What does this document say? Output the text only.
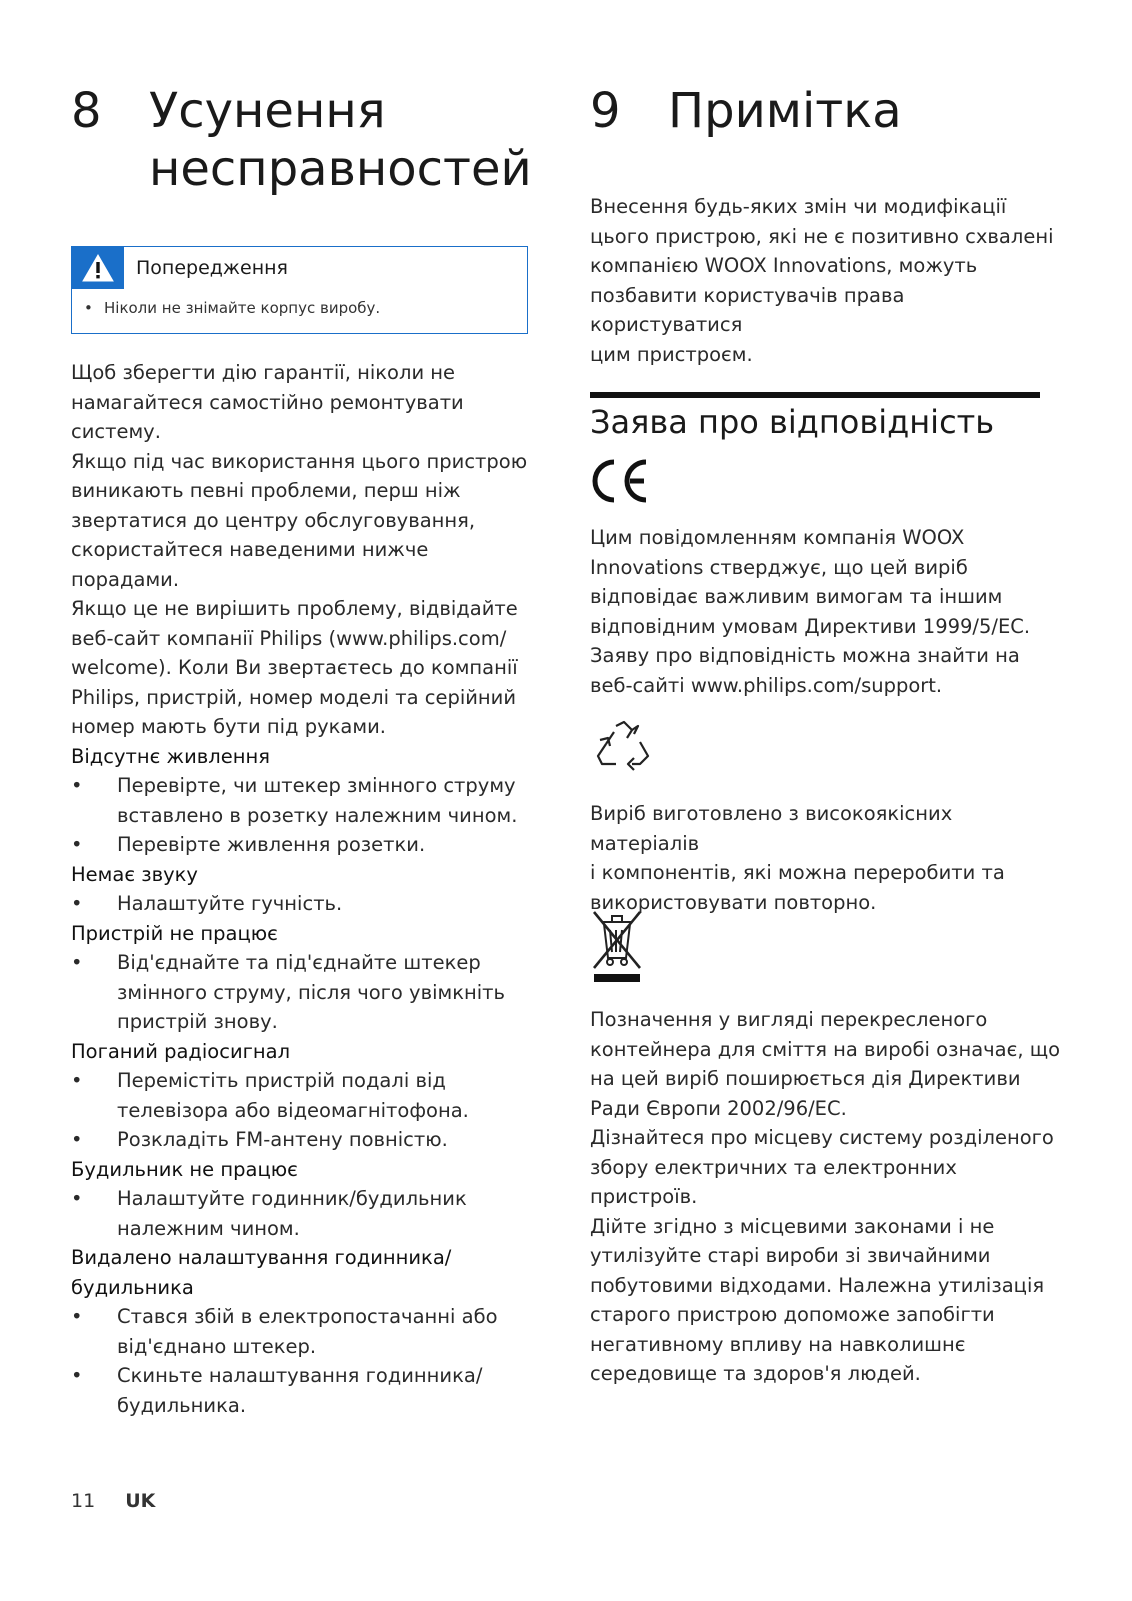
8 Усунення
несправностей
Попередження
• Ніколи не знімайте корпус виробу.

Щоб зберегти дію гарантії, ніколи не
намагайтеся самостійно ремонтувати
систему.
Якщо під час використання цього пристрою
виникають певні проблеми, перш ніж
звертатися до центру обслуговування,
скористайтеся наведеними нижче порадами.
Якщо це не вирішить проблему, відвідайте
веб-сайт компанії Philips (www.philips.com/
welcome). Коли Ви звертаєтесь до компанії
Philips, пристрій, номер моделі та серійний
номер мають бути під руками.

Відсутнє живлення

• Перевірте, чи штекер змінного струму
вставлено в розетку належним чином.
• Перевірте живлення розетки.

Немає звуку

• Налаштуйте гучність.

Пристрій не працює

• Від'єднайте та під'єднайте штекер
змінного струму, після чого увімкніть
пристрій знову.

Поганий радіосигнал

• Перемістіть пристрій подалі від
телевізора або відеомагнітофона.
• Розкладіть FM-антену повністю.

Будильник не працює

• Налаштуйте годинник/будильник
належним чином.

Видалено налаштування годинника/
будильника

• Стався збій в електропостачанні або
від'єднано штекер.
• Скиньте налаштування годинника/
будильника.
9 Примітка

Внесення будь-яких змін чи модифікації
цього пристрою, які не є позитивно схвалені
компанією WOOX Innovations, можуть
позбавити користувачів права користуватися
цим пристроєм.

Заява про відповідність

Цим повідомленням компанія WOOX
Innovations стверджує, що цей виріб
відповідає важливим вимогам та іншим
відповідним умовам Директиви 1999/5/EC.
Заяву про відповідність можна знайти на
веб-сайті www.philips.com/support.

Виріб виготовлено з високоякісних матеріалів
і компонентів, які можна переробити та
використовувати повторно.

Позначення у вигляді перекресленого
контейнера для сміття на виробі означає, що
на цей виріб поширюється дія Директиви
Ради Європи 2002/96/EC.
Дізнайтеся про місцеву систему розділеного
збору електричних та електронних
пристроїв.
Дійте згідно з місцевими законами і не
утилізуйте старі вироби зі звичайними
побутовими відходами. Належна утилізація
старого пристрою допоможе запобігти
негативному впливу на навколишнє
середовище та здоров'я людей.

11 UK
